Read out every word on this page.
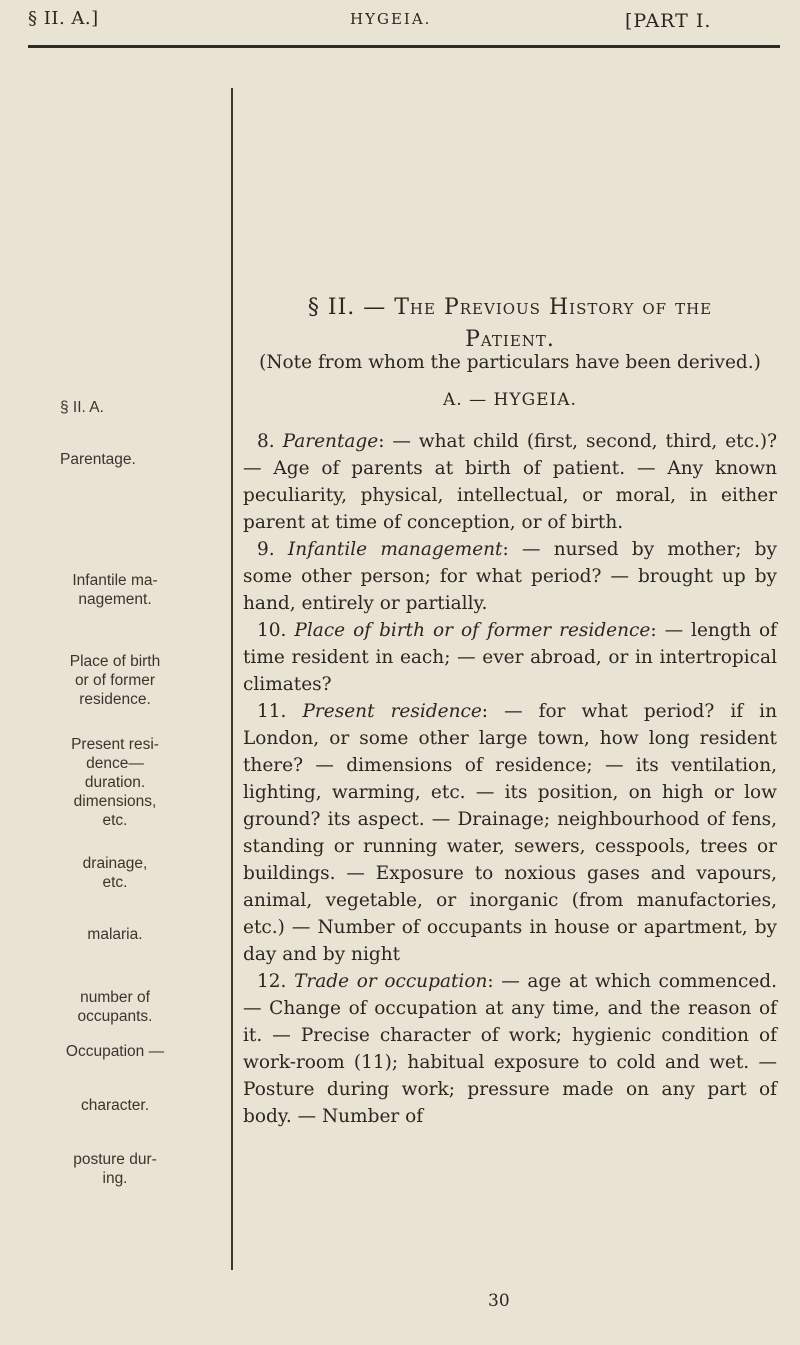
§ II. A.]	HYGEIA.	[PART I.
§ II. A.
Parentage.
Infantile ma-
nagement.
Place of birth
or of former
residence.
Present resi-
dence—
duration.
dimensions,
etc.
drainage,
etc.
malaria.
number of
occupants.
Occupation —
character.
posture dur-
ing.
§ II. — The Previous History of the
Patient.
(Note from whom the particulars have been derived.)
A. — HYGEIA.

8. Parentage: — what child (first, second, third, etc.)? — Age of parents at birth of patient. — Any known peculiarity, physical, intellectual, or moral, in either parent at time of conception, or of birth.

9. Infantile management: — nursed by mother; by some other person; for what period? — brought up by hand, entirely or partially.

10. Place of birth or of former residence: — length of time resident in each; — ever abroad, or in intertropical climates?

11. Present residence: — for what period? if in London, or some other large town, how long resident there? — dimensions of residence; — its ventilation, lighting, warming, etc. — its position, on high or low ground? its aspect. — Drainage; neighbourhood of fens, standing or running water, sewers, cesspools, trees or buildings. — Exposure to noxious gases and vapours, animal, vegetable, or inorganic (from manufactories, etc.) — Number of occupants in house or apartment, by day and by night

12. Trade or occupation: — age at which commenced. — Change of occupation at any time, and the reason of it. — Precise character of work; hygienic condition of work-room (11); habitual exposure to cold and wet. — Posture during work; pressure made on any part of body. — Number of

30
